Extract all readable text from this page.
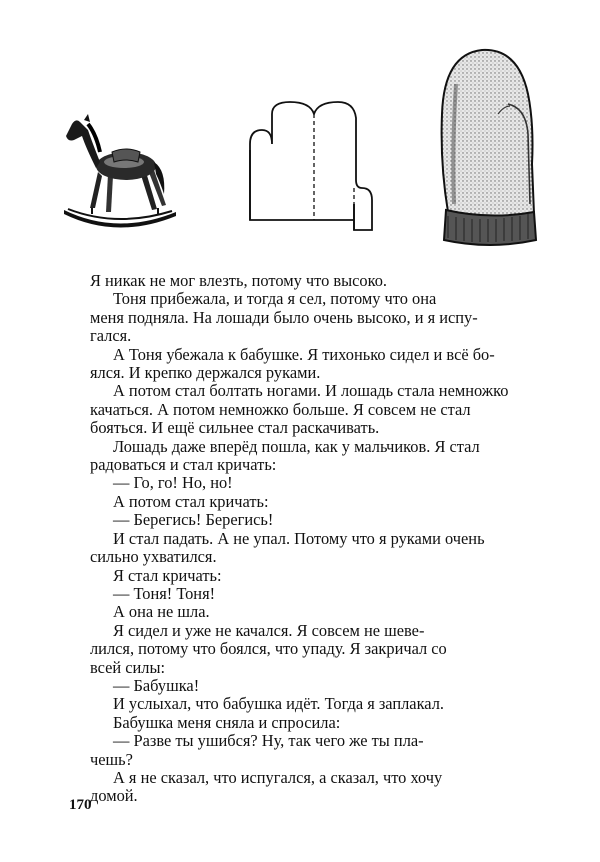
Я никак не мог влезть, потому что высоко.

Тоня прибежала, и тогда я сел, потому что она
меня подняла. На лошади было очень высоко, и я испу-
гался.

А Тоня убежала к бабушке. Я тихонько сидел и всё бо-
ялся. И крепко держался руками.

А потом стал болтать ногами. И лошадь стала немножко
качаться. А потом немножко больше. Я совсем не стал
бояться. И ещё сильнее стал раскачивать.

Лошадь даже вперёд пошла, как у мальчиков. Я стал
радоваться и стал кричать:

— Го, го! Но, но!

А потом стал кричать:

— Берегись! Берегись!

И стал падать. А не упал. Потому что я руками очень
сильно ухватился.

Я стал кричать:

— Тоня! Тоня!

А она не шла.

Я сидел и уже не качался. Я совсем не шеве-
лился, потому что боялся, что упаду. Я закричал со
всей силы:

— Бабушка!

И услыхал, что бабушка идёт. Тогда я заплакал.

Бабушка меня сняла и спросила:

— Разве ты ушибся? Ну, так чего же ты пла-
чешь?

А я не сказал, что испугался, а сказал, что хочу
домой.

170
